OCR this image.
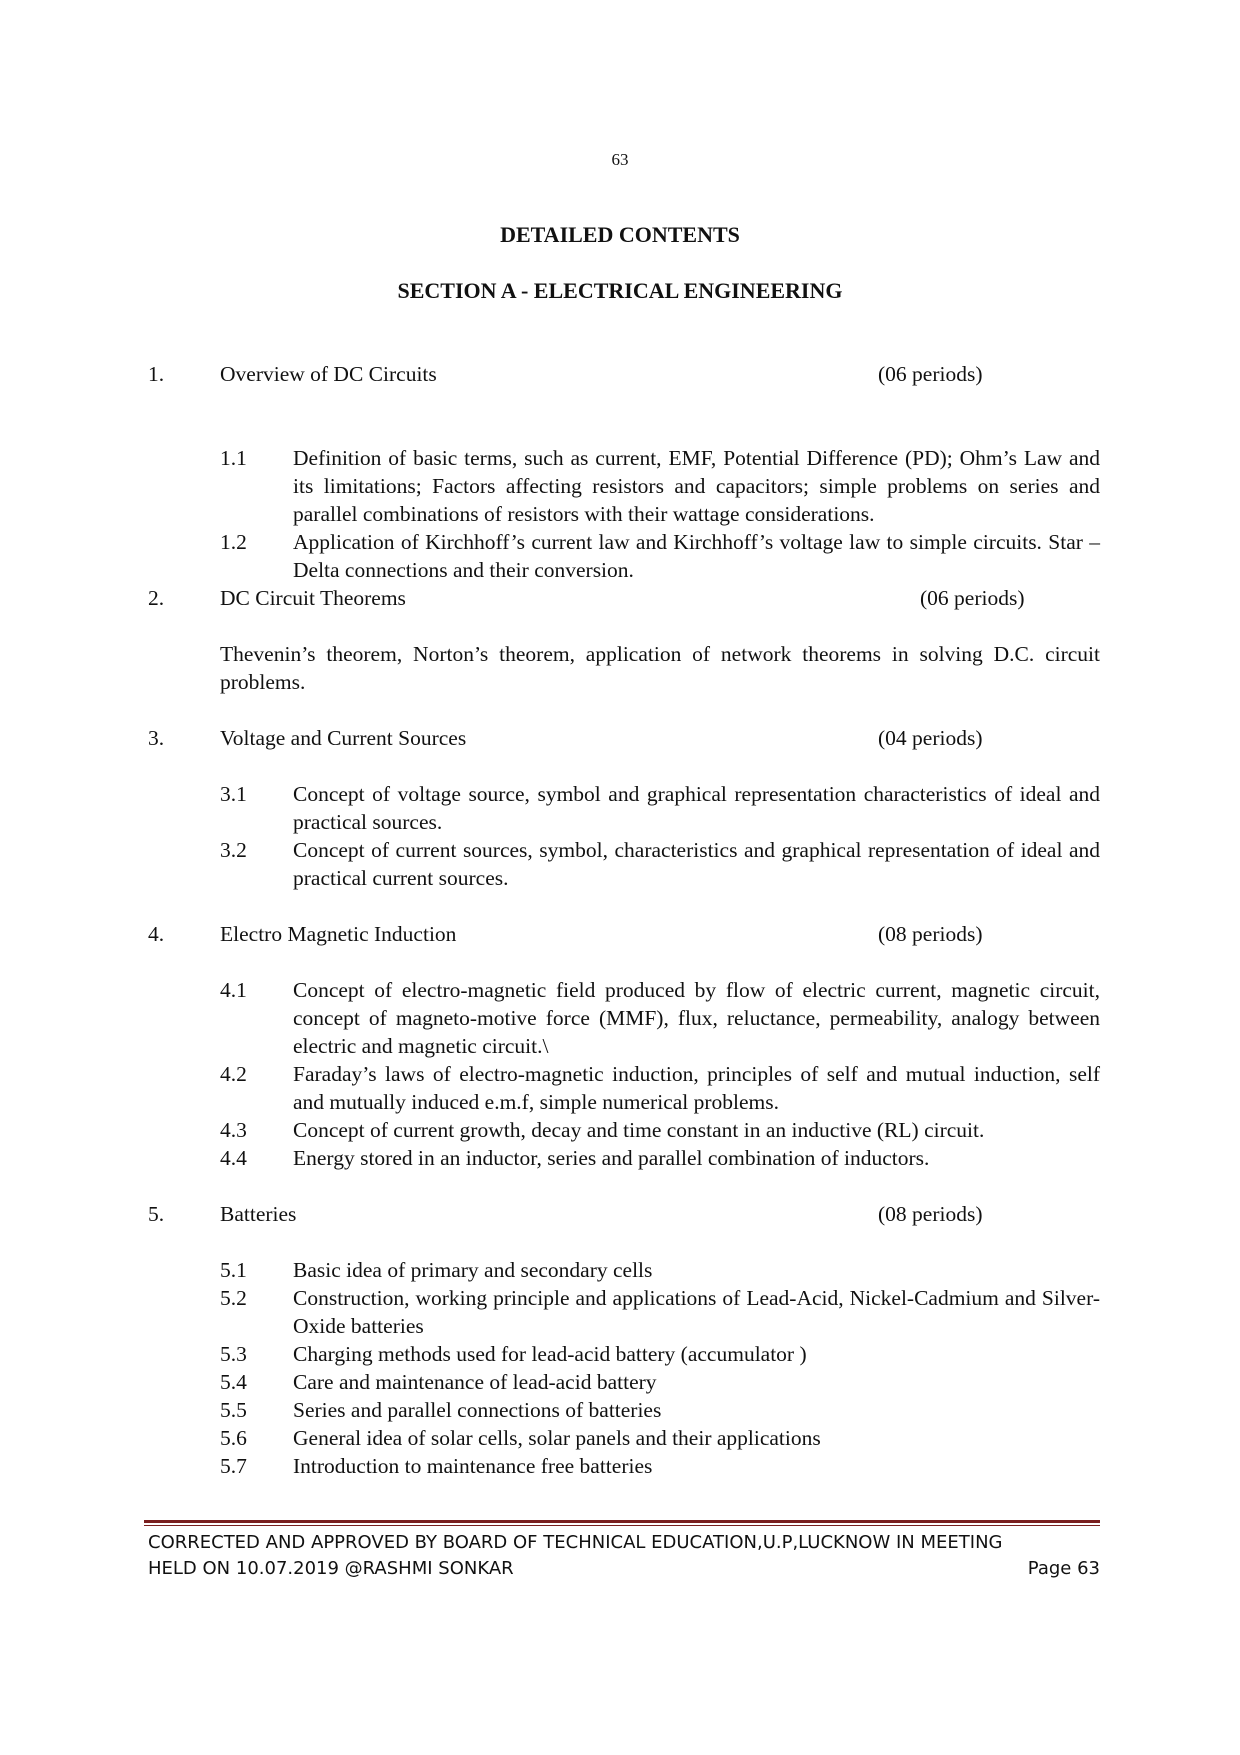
63
DETAILED CONTENTS
SECTION A - ELECTRICAL ENGINEERING
1.	Overview of DC Circuits	(06 periods)
1.1 Definition of basic terms, such as current, EMF, Potential Difference (PD); Ohm’s Law and its limitations; Factors affecting resistors and capacitors; simple problems on series and parallel combinations of resistors with their wattage considerations.
1.2 Application of Kirchhoff’s current law and Kirchhoff’s voltage law to simple circuits. Star – Delta connections and their conversion.
2.	DC Circuit Theorems	(06 periods)
Thevenin’s theorem, Norton’s theorem, application of network theorems in solving D.C. circuit problems.
3.	Voltage and Current Sources	(04 periods)
3.1 Concept of voltage source, symbol and graphical representation characteristics of ideal and practical sources.
3.2 Concept of current sources, symbol, characteristics and graphical representation of ideal and practical current sources.
4.	Electro Magnetic Induction	(08 periods)
4.1 Concept of electro-magnetic field produced by flow of electric current, magnetic circuit, concept of magneto-motive force (MMF), flux, reluctance, permeability, analogy between electric and magnetic circuit.\
4.2 Faraday’s laws of electro-magnetic induction, principles of self and mutual induction, self and mutually induced e.m.f, simple numerical problems.
4.3 Concept of current growth, decay and time constant in an inductive (RL) circuit.
4.4 Energy stored in an inductor, series and parallel combination of inductors.
5.	Batteries	(08 periods)
5.1 Basic idea of primary and secondary cells
5.2 Construction, working principle and applications of Lead-Acid, Nickel-Cadmium and Silver-Oxide batteries
5.3 Charging methods used for lead-acid battery (accumulator )
5.4 Care and maintenance of lead-acid battery
5.5 Series and parallel connections of batteries
5.6 General idea of solar cells, solar panels and their applications
5.7 Introduction to maintenance free batteries
CORRECTED AND APPROVED BY BOARD OF TECHNICAL EDUCATION,U.P,LUCKNOW IN MEETING
HELD ON 10.07.2019 @RASHMI SONKAR	Page 63
